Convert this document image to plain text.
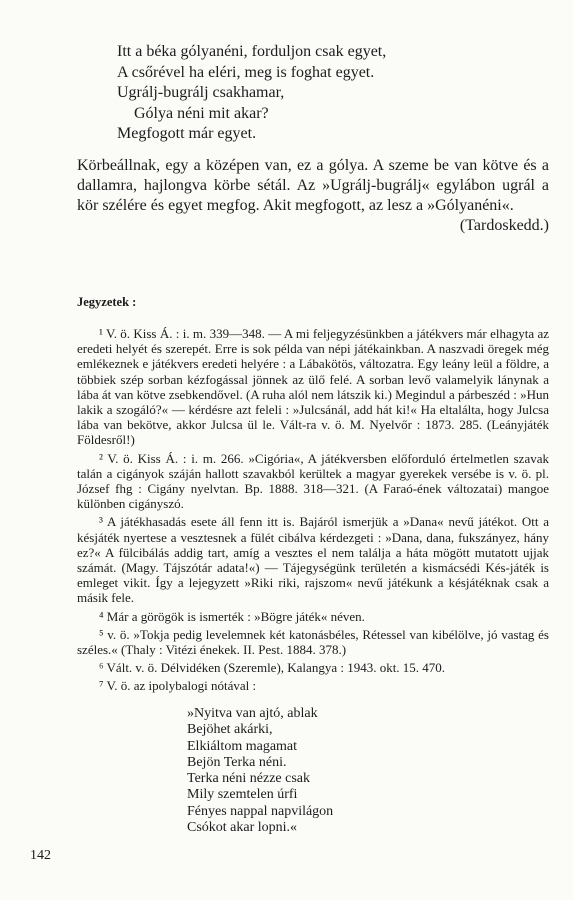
Itt a béka gólyanéni, forduljon csak egyet,
A csőrével ha eléri, meg is foghat egyet.
Ugrálj-bugrálj csakhamar,
Gólya néni mit akar?
Megfogott már egyet.
Körbeállnak, egy a középen van, ez a gólya. A szeme be van kötve és a dallamra, hajlongva körbe sétál. Az »Ugrálj-bugrálj« egylábon ugrál a kör szélére és egyet megfog. Akit megfogott, az lesz a »Gólyanéni«.
(Tardoskedd.)
Jegyzetek :

¹ V. ö. Kiss Á. : i. m. 339—348. — A mi feljegyzésünkben a játékvers már elhagyta az eredeti helyét és szerepét. Erre is sok példa van népi játékainkban. A naszvadi öregek még emlékeznek e játékvers eredeti helyére : a Lábakötös, változatra. Egy leány leül a földre, a többiek szép sorban kézfogással jönnek az ülő felé. A sorban levő valamelyik lánynak a lába át van kötve zsebkendővel. (A ruha alól nem látszik ki.) Megindul a párbeszéd : »Hun lakik a szogáló?« — kérdésre azt feleli : »Julcsánál, add hát ki!« Ha eltalálta, hogy Julcsa lába van bekötve, akkor Julcsa ül le. Vált-ra v. ö. M. Nyelvőr : 1873. 285. (Leányjáték Földesről!)

² V. ö. Kiss Á. : i. m. 266. »Cigória«, A játékversben előforduló értelmetlen szavak talán a cigányok száján hallott szavakból kerültek a magyar gyerekek versébe is v. ö. pl. József fhg : Cigány nyelvtan. Bp. 1888. 318—321. (A Faraó-ének változatai) mangoe különben cigányszó.

³ A játékhasadás esete áll fenn itt is. Bajáról ismerjük a »Dana« nevű játékot. Ott a késjáték nyertese a vesztesnek a fülét cibálva kérdezgeti : »Dana, dana, fukszányez, hány ez?« A fülcibálás addig tart, amíg a vesztes el nem találja a háta mögött mutatott ujjak számát. (Magy. Tájszótár adata!«) — Tájegységünk területén a kismácsédi Kés-játék is emleget vikit. Így a lejegyzett »Riki riki, rajszom« nevű játékunk a késjátéknak csak a másik fele.

⁴ Már a görögök is ismerték : »Bögre játék« néven.

⁵ v. ö. »Tokja pedig levelemnek két katonásbéles, Rétessel van kibélölve, jó vastag és széles.« (Thaly : Vitézi énekek. II. Pest. 1884. 378.)

⁶ Vált. v. ö. Délvidéken (Szeremle), Kalangya : 1943. okt. 15. 470.

⁷ V. ö. az ipolybalogi nótával :

»Nyitva van ajtó, ablak
Bejöhet akárki,
Elkiáltom magamat
Bejön Terka néni.
Terka néni nézze csak
Mily szemtelen úrfi
Fényes nappal napvilágon
Csókot akar lopni.«
142
